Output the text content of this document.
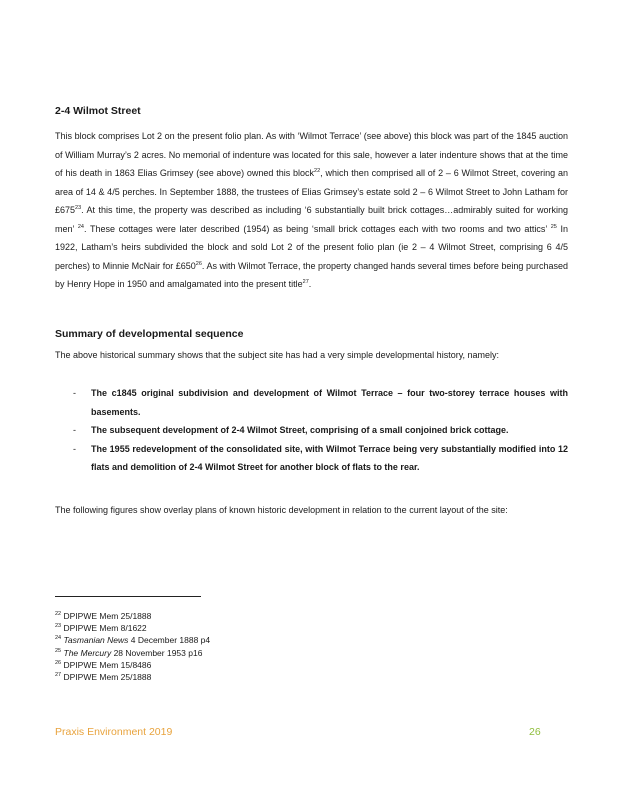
2-4 Wilmot Street

This block comprises Lot 2 on the present folio plan. As with ‘Wilmot Terrace’ (see above) this block was part of the 1845 auction of William Murray’s 2 acres. No memorial of indenture was located for this sale, however a later indenture shows that at the time of his death in 1863 Elias Grimsey (see above) owned this block$^{22}$, which then comprised all of 2 – 6 Wilmot Street, covering an area of 14 & 4/5 perches. In September 1888, the trustees of Elias Grimsey’s estate sold 2 – 6 Wilmot Street to John Latham for $£675^{23}$. At this time, the property was described as including ‘6 substantially built brick cottages…admirably suited for working men’ $^{24}$. These cottages were later described (1954) as being ‘small brick cottages each with two rooms and two attics’ $^{25}$ In 1922, Latham’s heirs subdivided the block and sold Lot 2 of the present folio plan (ie 2 – 4 Wilmot Street, comprising 6 4/5 perches) to Minnie McNair for $£650^{26}$. As with Wilmot Terrace, the property changed hands several times before being purchased by Henry Hope in 1950 and amalgamated into the present title$^{27}$.

Summary of developmental sequence

The above historical summary shows that the subject site has had a very simple developmental history, namely:

- The c1845 original subdivision and development of Wilmot Terrace – four two-storey terrace houses with basements.
- The subsequent development of 2-4 Wilmot Street, comprising of a small conjoined brick cottage.
- The 1955 redevelopment of the consolidated site, with Wilmot Terrace being very substantially modified into 12 flats and demolition of 2-4 Wilmot Street for another block of flats to the rear.

The following figures show overlay plans of known historic development in relation to the current layout of the site:

$^{22}$ DPIPWE Mem 25/1888
$^{23}$ DPIPWE Mem 8/1622
$^{24}$ Tasmanian News 4 December 1888 p4
$^{25}$ The Mercury 28 November 1953 p16
$^{26}$ DPIPWE Mem 15/8486
$^{27}$ DPIPWE Mem 25/1888
Praxis Environment 2019	26
